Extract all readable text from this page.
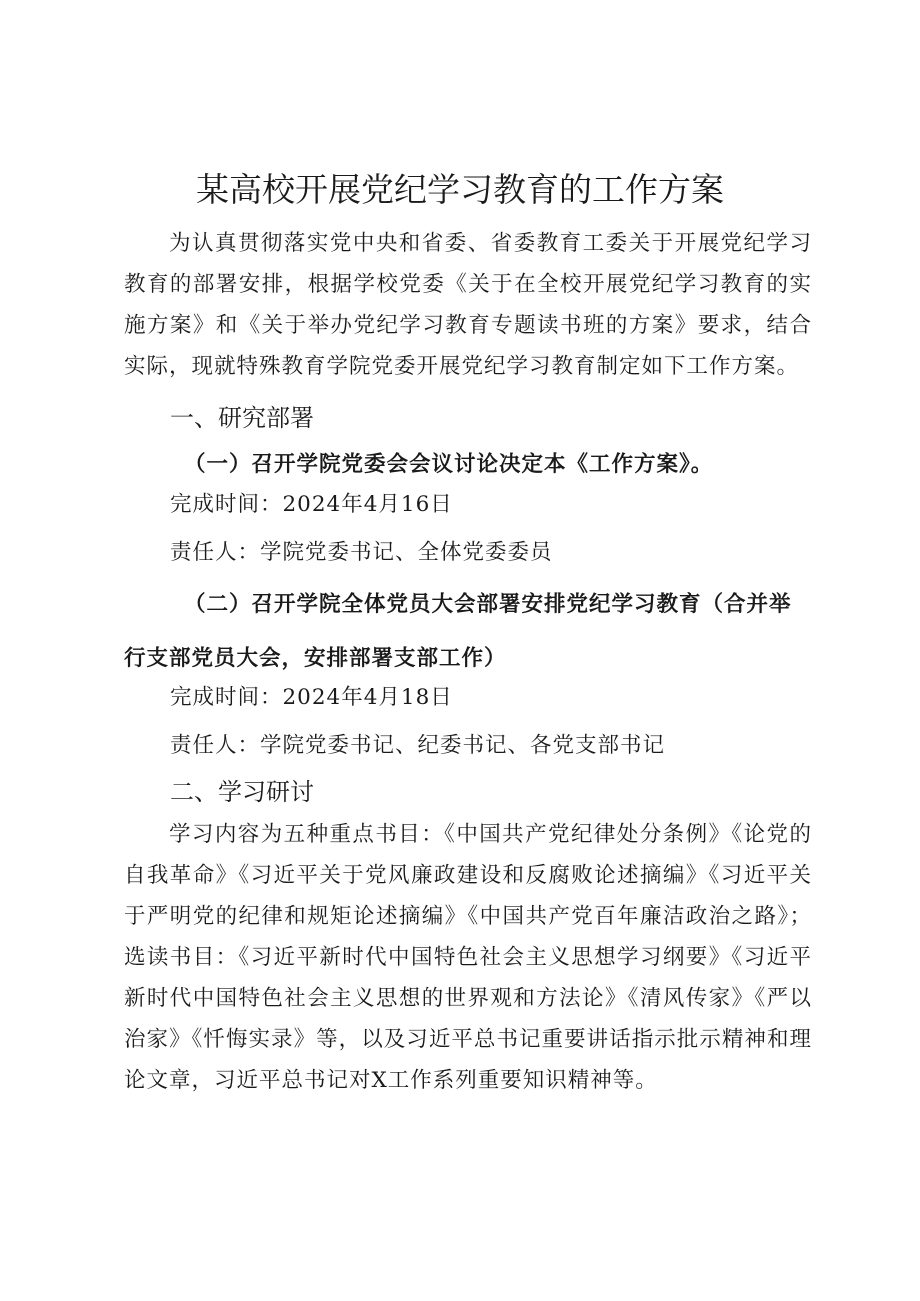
某高校开展党纪学习教育的工作方案

为认真贯彻落实党中央和省委、省委教育工委关于开展党纪学习教育的部署安排，根据学校党委《关于在全校开展党纪学习教育的实施方案》和《关于举办党纪学习教育专题读书班的方案》要求，结合实际，现就特殊教育学院党委开展党纪学习教育制定如下工作方案。

一、研究部署

（一）召开学院党委会会议讨论决定本《工作方案》。

完成时间：2024年4月16日

责任人：学院党委书记、全体党委委员

（二）召开学院全体党员大会部署安排党纪学习教育（合并举行支部党员大会，安排部署支部工作）

完成时间：2024年4月18日

责任人：学院党委书记、纪委书记、各党支部书记

二、学习研讨

学习内容为五种重点书目：《中国共产党纪律处分条例》《论党的自我革命》《习近平关于党风廉政建设和反腐败论述摘编》《习近平关于严明党的纪律和规矩论述摘编》《中国共产党百年廉洁政治之路》；选读书目：《习近平新时代中国特色社会主义思想学习纲要》《习近平新时代中国特色社会主义思想的世界观和方法论》《清风传家》《严以治家》《忏悔实录》等，以及习近平总书记重要讲话指示批示精神和理论文章，习近平总书记对X工作系列重要知识精神等。
